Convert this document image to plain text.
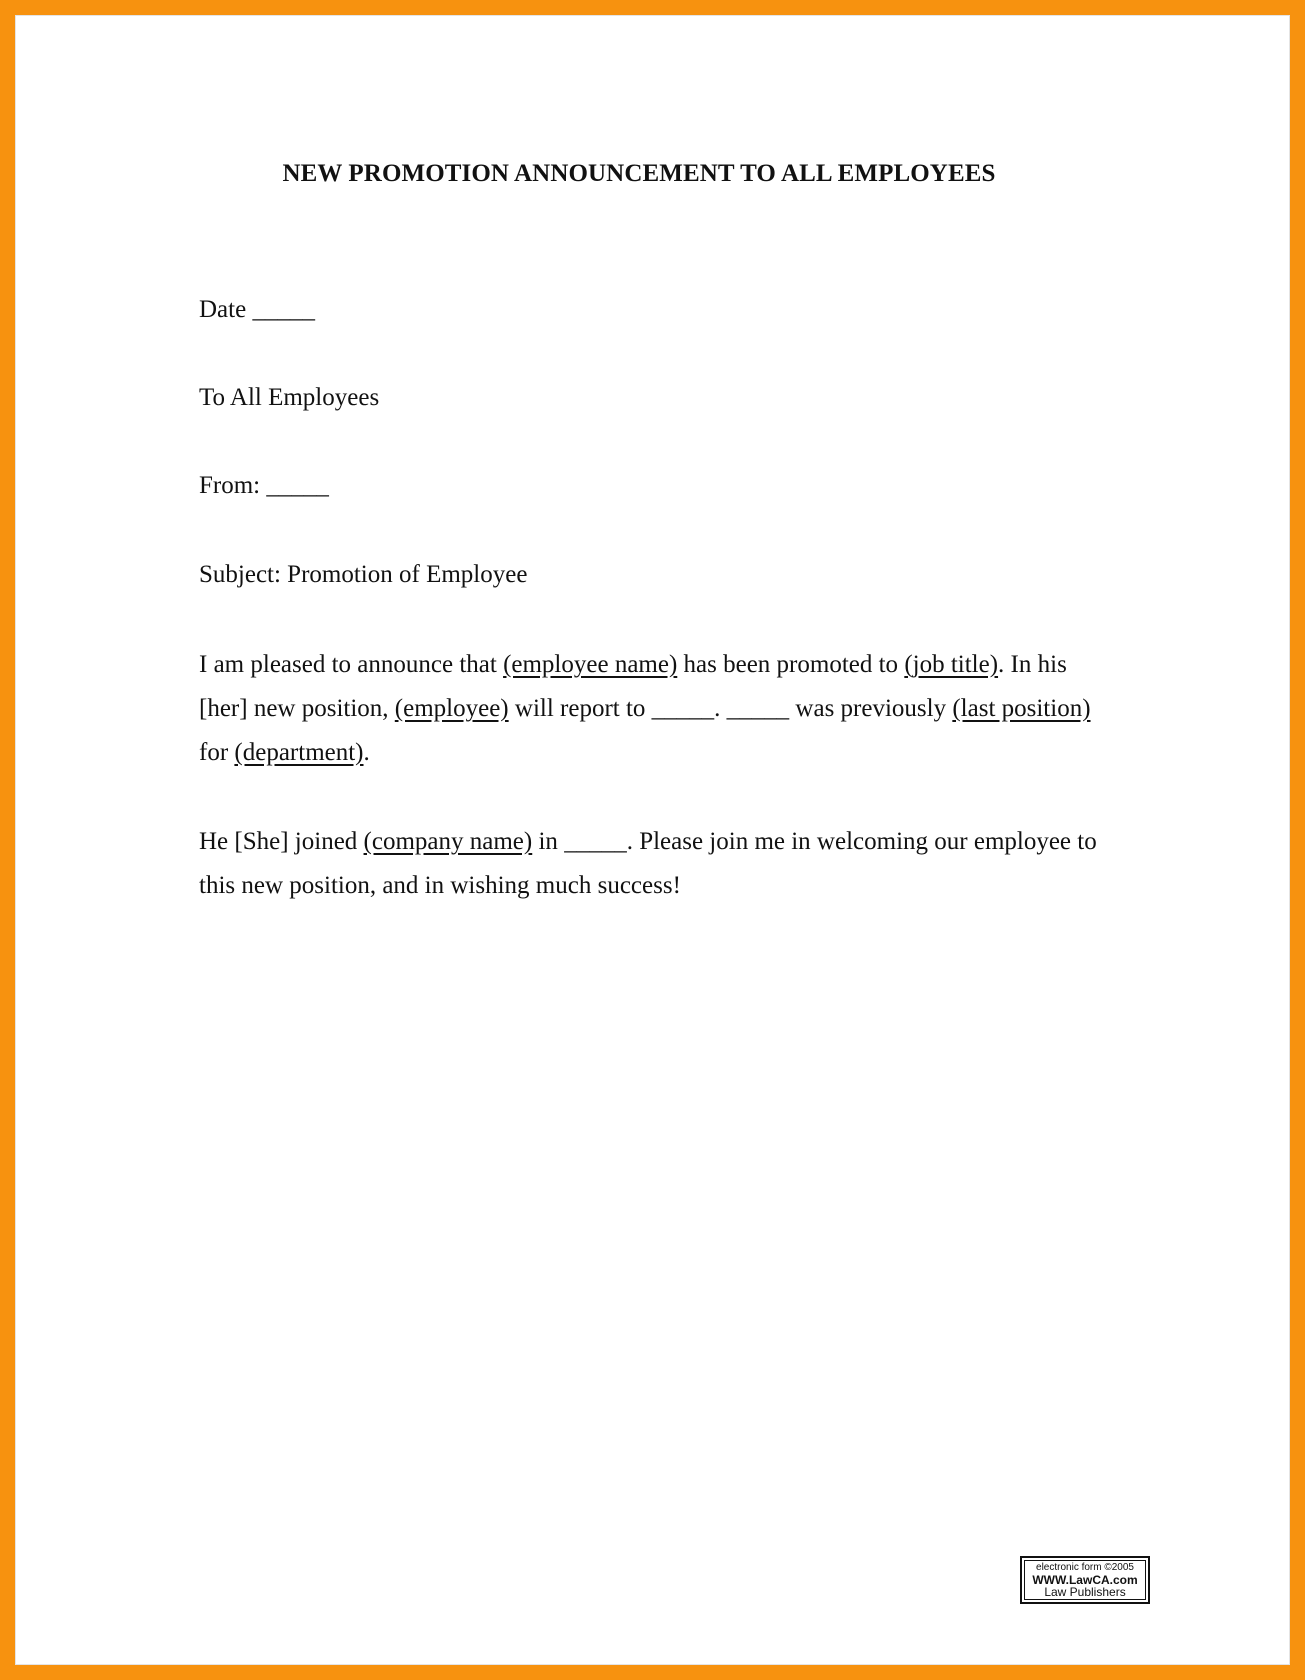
NEW PROMOTION ANNOUNCEMENT TO ALL EMPLOYEES

Date _____

To All Employees

From: _____

Subject: Promotion of Employee

I am pleased to announce that (employee name) has been promoted to (job title). In his [her] new position, (employee) will report to _____. _____ was previously (last position) for (department).

He [She] joined (company name) in _____. Please join me in welcoming our employee to this new position, and in wishing much success!

electronic form ©2005
WWW.LawCA.com
Law Publishers
